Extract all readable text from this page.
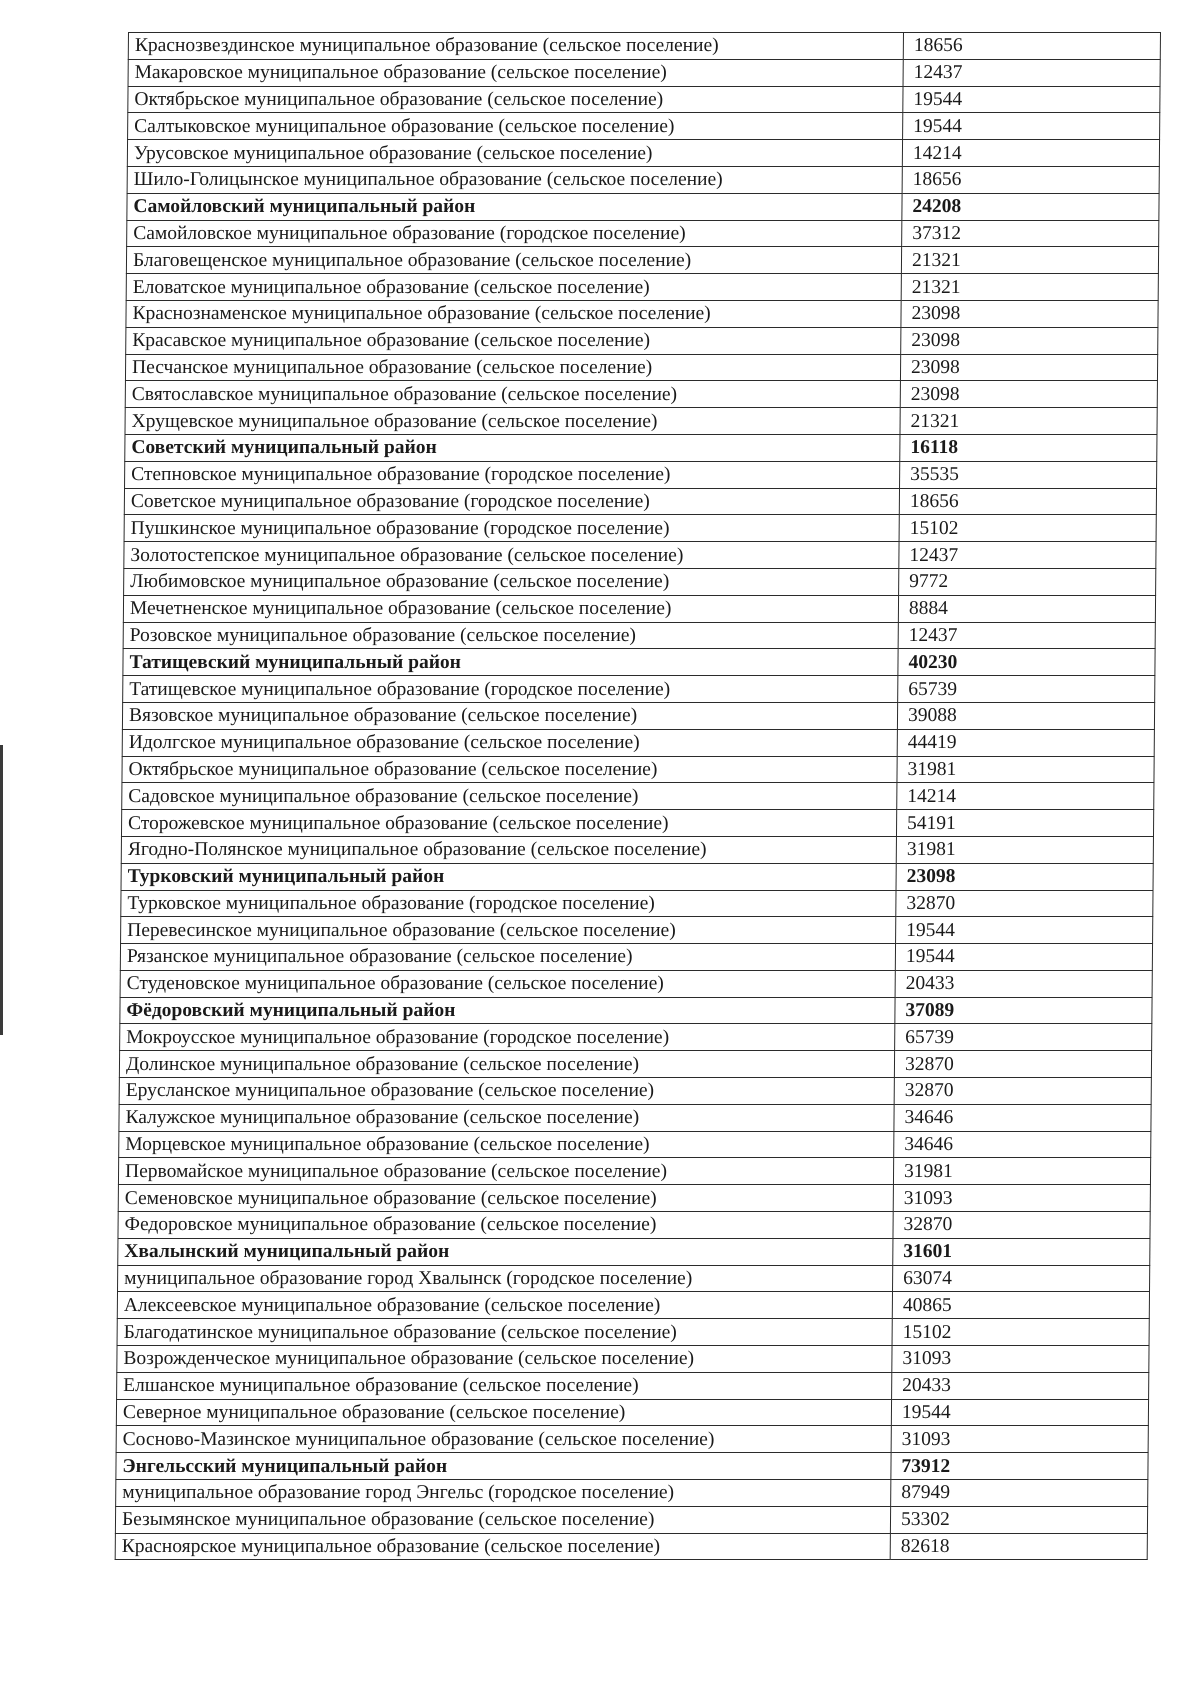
Краснозвездинское муниципальное образование (сельское поселение)	18656
Макаровское муниципальное образование (сельское поселение)	12437
Октябрьское муниципальное образование (сельское поселение)	19544
Салтыковское муниципальное образование (сельское поселение)	19544
Урусовское муниципальное образование (сельское поселение)	14214
Шило-Голицынское муниципальное образование (сельское поселение)	18656
Самойловский муниципальный район	24208
Самойловское муниципальное образование (городское поселение)	37312
Благовещенское муниципальное образование (сельское поселение)	21321
Еловатское муниципальное образование (сельское поселение)	21321
Краснознаменское муниципальное образование (сельское поселение)	23098
Красавское муниципальное образование (сельское поселение)	23098
Песчанское муниципальное образование (сельское поселение)	23098
Святославское муниципальное образование (сельское поселение)	23098
Хрущевское муниципальное образование (сельское поселение)	21321
Советский муниципальный район	16118
Степновское муниципальное образование (городское поселение)	35535
Советское муниципальное образование (городское поселение)	18656
Пушкинское муниципальное образование (городское поселение)	15102
Золотостепское муниципальное образование (сельское поселение)	12437
Любимовское муниципальное образование (сельское поселение)	9772
Мечетненское муниципальное образование (сельское поселение)	8884
Розовское муниципальное образование (сельское поселение)	12437
Татищевский муниципальный район	40230
Татищевское муниципальное образование (городское поселение)	65739
Вязовское муниципальное образование (сельское поселение)	39088
Идолгское муниципальное образование (сельское поселение)	44419
Октябрьское муниципальное образование (сельское поселение)	31981
Садовское муниципальное образование (сельское поселение)	14214
Сторожевское муниципальное образование (сельское поселение)	54191
Ягодно-Полянское муниципальное образование (сельское поселение)	31981
Турковский муниципальный район	23098
Турковское муниципальное образование (городское поселение)	32870
Перевесинское муниципальное образование (сельское поселение)	19544
Рязанское муниципальное образование (сельское поселение)	19544
Студеновское муниципальное образование (сельское поселение)	20433
Фёдоровский муниципальный район	37089
Мокроусское муниципальное образование (городское поселение)	65739
Долинское муниципальное образование (сельское поселение)	32870
Ерусланское муниципальное образование (сельское поселение)	32870
Калужское муниципальное образование (сельское поселение)	34646
Морцевское муниципальное образование (сельское поселение)	34646
Первомайское муниципальное образование (сельское поселение)	31981
Семеновское муниципальное образование (сельское поселение)	31093
Федоровское муниципальное образование (сельское поселение)	32870
Хвалынский муниципальный район	31601
муниципальное образование город Хвалынск (городское поселение)	63074
Алексеевское муниципальное образование (сельское поселение)	40865
Благодатинское муниципальное образование (сельское поселение)	15102
Возрожденческое муниципальное образование (сельское поселение)	31093
Елшанское муниципальное образование (сельское поселение)	20433
Северное муниципальное образование (сельское поселение)	19544
Сосново-Мазинское муниципальное образование (сельское поселение)	31093
Энгельсский муниципальный район	73912
муниципальное образование город Энгельс (городское поселение)	87949
Безымянское муниципальное образование (сельское поселение)	53302
Красноярское муниципальное образование (сельское поселение)	82618
